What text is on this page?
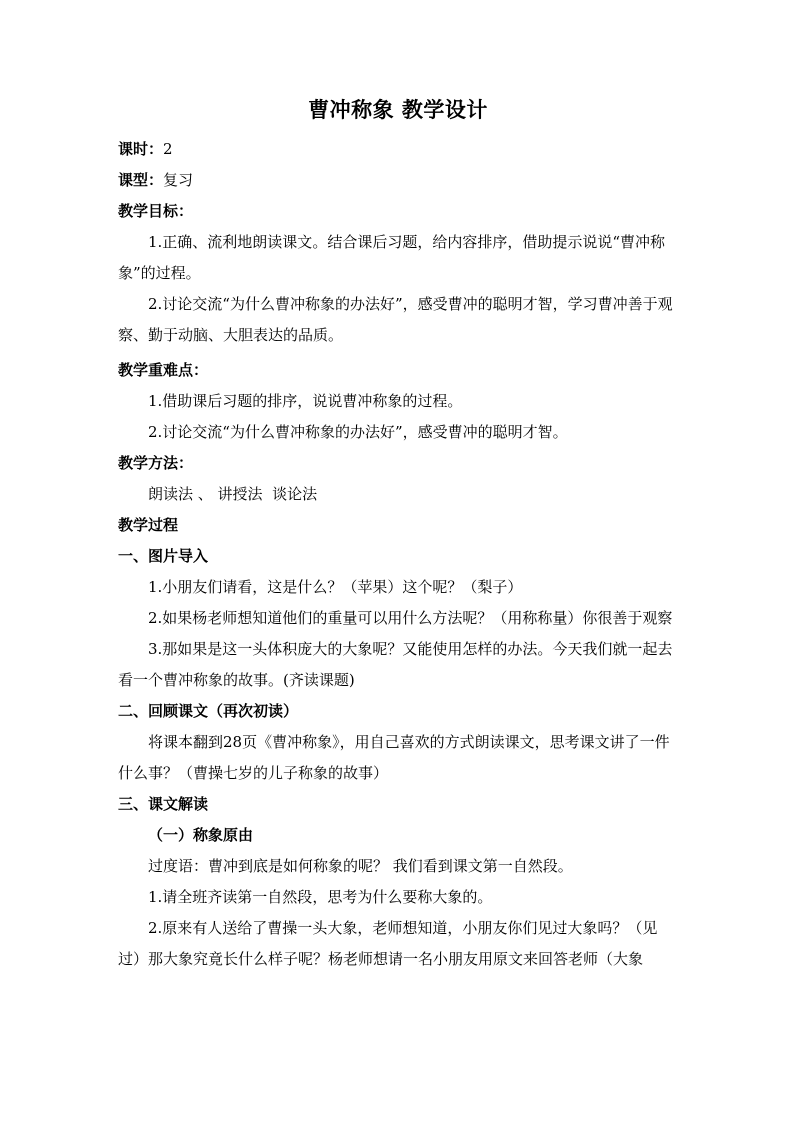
曹冲称象 教学设计

课时：2

课型：复习

教学目标：

1.正确、流利地朗读课文。结合课后习题，给内容排序，借助提示说说“曹冲称象”的过程。

2.讨论交流“为什么曹冲称象的办法好”，感受曹冲的聪明才智，学习曹冲善于观察、勤于动脑、大胆表达的品质。

教学重难点：

1.借助课后习题的排序，说说曹冲称象的过程。

2.讨论交流“为什么曹冲称象的办法好”，感受曹冲的聪明才智。

教学方法：

朗读法 、 讲授法  谈论法

教学过程

一、图片导入

1.小朋友们请看，这是什么？（苹果）这个呢？（梨子）

2.如果杨老师想知道他们的重量可以用什么方法呢？（用称称量）你很善于观察

3.那如果是这一头体积庞大的大象呢？又能使用怎样的办法。今天我们就一起去看一个曹冲称象的故事。(齐读课题)

二、回顾课文（再次初读）

将课本翻到28页《曹冲称象》，用自己喜欢的方式朗读课文，思考课文讲了一件什么事？（曹操七岁的儿子称象的故事）

三、课文解读

（一）称象原由

过度语：曹冲到底是如何称象的呢？ 我们看到课文第一自然段。

1.请全班齐读第一自然段，思考为什么要称大象的。

2.原来有人送给了曹操一头大象，老师想知道，小朋友你们见过大象吗？（见过）那大象究竟长什么样子呢？杨老师想请一名小朋友用原文来回答老师（大象
